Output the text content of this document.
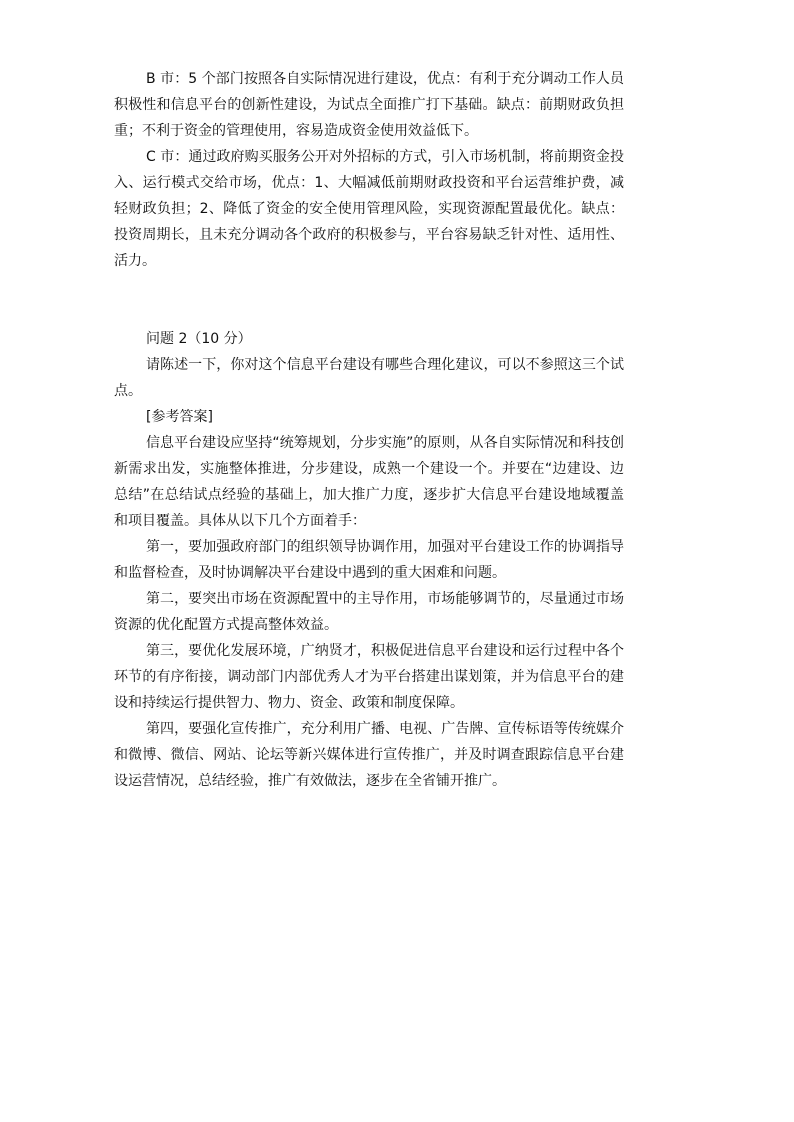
B 市：5 个部门按照各自实际情况进行建设，优点：有利于充分调动工作人员积极性和信息平台的创新性建设，为试点全面推广打下基础。缺点：前期财政负担重；不利于资金的管理使用，容易造成资金使用效益低下。

C 市：通过政府购买服务公开对外招标的方式，引入市场机制，将前期资金投入、运行模式交给市场，优点：1、大幅减低前期财政投资和平台运营维护费，减轻财政负担；2、降低了资金的安全使用管理风险，实现资源配置最优化。缺点：投资周期长，且未充分调动各个政府的积极参与，平台容易缺乏针对性、适用性、活力。

问题 2（10 分）

请陈述一下，你对这个信息平台建设有哪些合理化建议，可以不参照这三个试点。

[参考答案]

信息平台建设应坚持“统筹规划，分步实施”的原则，从各自实际情况和科技创新需求出发，实施整体推进，分步建设，成熟一个建设一个。并要在“边建设、边总结”在总结试点经验的基础上，加大推广力度，逐步扩大信息平台建设地域覆盖和项目覆盖。具体从以下几个方面着手：

第一，要加强政府部门的组织领导协调作用，加强对平台建设工作的协调指导和监督检查，及时协调解决平台建设中遇到的重大困难和问题。

第二，要突出市场在资源配置中的主导作用，市场能够调节的，尽量通过市场资源的优化配置方式提高整体效益。

第三，要优化发展环境，广纳贤才，积极促进信息平台建设和运行过程中各个环节的有序衔接，调动部门内部优秀人才为平台搭建出谋划策，并为信息平台的建设和持续运行提供智力、物力、资金、政策和制度保障。

第四，要强化宣传推广，充分利用广播、电视、广告牌、宣传标语等传统媒介和微博、微信、网站、论坛等新兴媒体进行宣传推广，并及时调查跟踪信息平台建设运营情况，总结经验，推广有效做法，逐步在全省铺开推广。
